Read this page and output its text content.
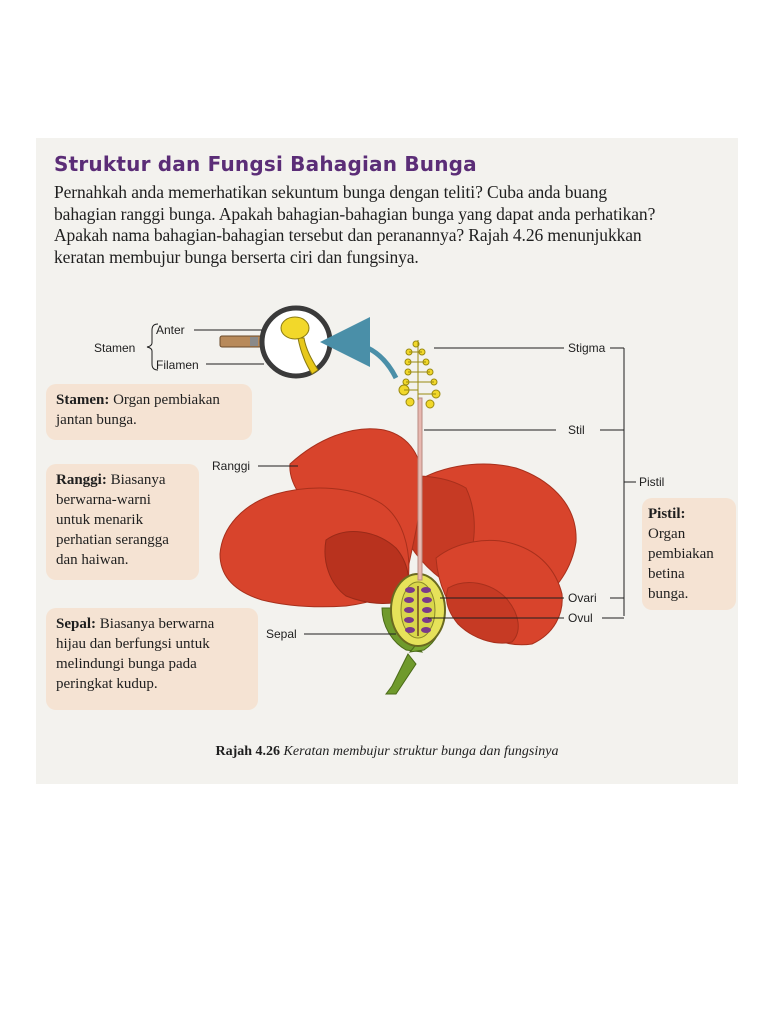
Struktur dan Fungsi Bahagian Bunga
Pernahkah anda memerhatikan sekuntum bunga dengan teliti? Cuba anda buang
bahagian ranggi bunga. Apakah bahagian-bahagian bunga yang dapat anda perhatikan?
Apakah nama bahagian-bahagian tersebut dan peranannya? Rajah 4.26 menunjukkan
keratan membujur bunga berserta ciri dan fungsinya.
Anter
Filamen
Stamen	Stigma
Stil
Pistil
Ovari
Ovul
Ranggi
Sepal
Stamen: Organ pembiakan
jantan bunga.
Ranggi: Biasanya
berwarna-warni
untuk menarik
perhatian serangga
dan haiwan.
Sepal: Biasanya berwarna
hijau dan berfungsi untuk
melindungi bunga pada
peringkat kudup.
Pistil:
Organ
pembiakan
betina
bunga.
Rajah 4.26 Keratan membujur struktur bunga dan fungsinya
